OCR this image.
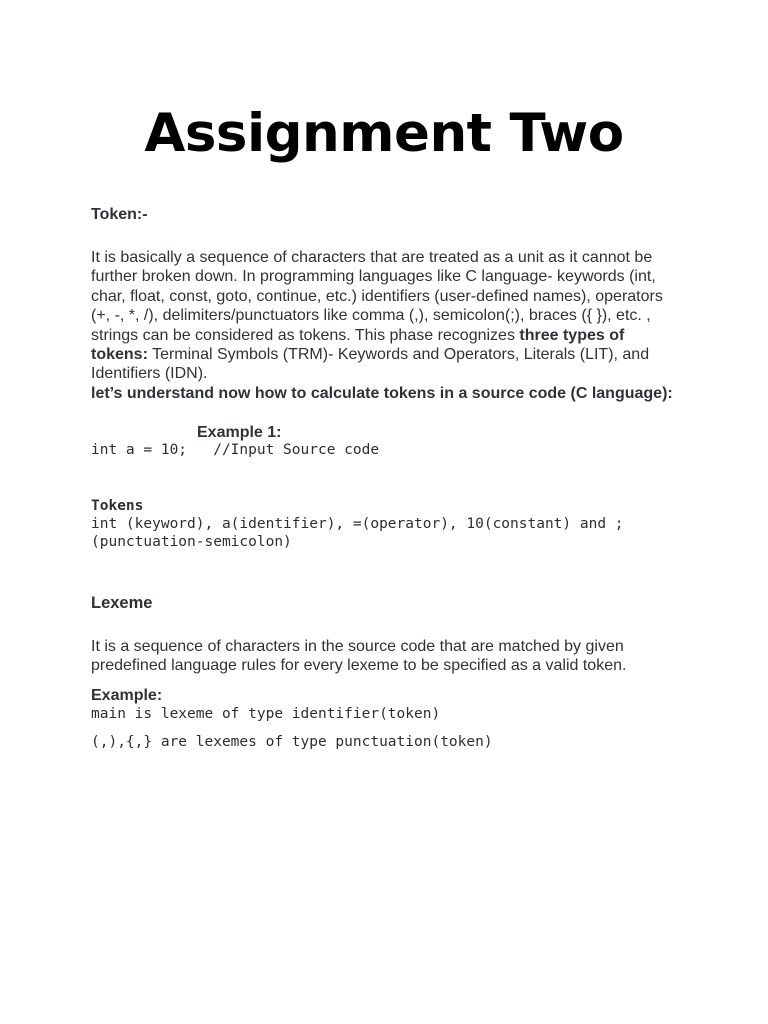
Assignment Two

Token:-

It is basically a sequence of characters that are treated as a unit as it cannot be further broken down. In programming languages like C language- keywords (int, char, float, const, goto, continue, etc.) identifiers (user-defined names), operators (+, -, *, /), delimiters/punctuators like comma (,), semicolon(;), braces ({ }), etc. , strings can be considered as tokens. This phase recognizes three types of tokens: Terminal Symbols (TRM)- Keywords and Operators, Literals (LIT), and Identifiers (IDN).

let’s understand now how to calculate tokens in a source code (C language):

Example 1:

int a = 10;   //Input Source code

Tokens

int (keyword), a(identifier), =(operator), 10(constant) and ;

(punctuation-semicolon)

Lexeme

It is a sequence of characters in the source code that are matched by given predefined language rules for every lexeme to be specified as a valid token.

Example:

main is lexeme of type identifier(token)

(,),{,} are lexemes of type punctuation(token)
